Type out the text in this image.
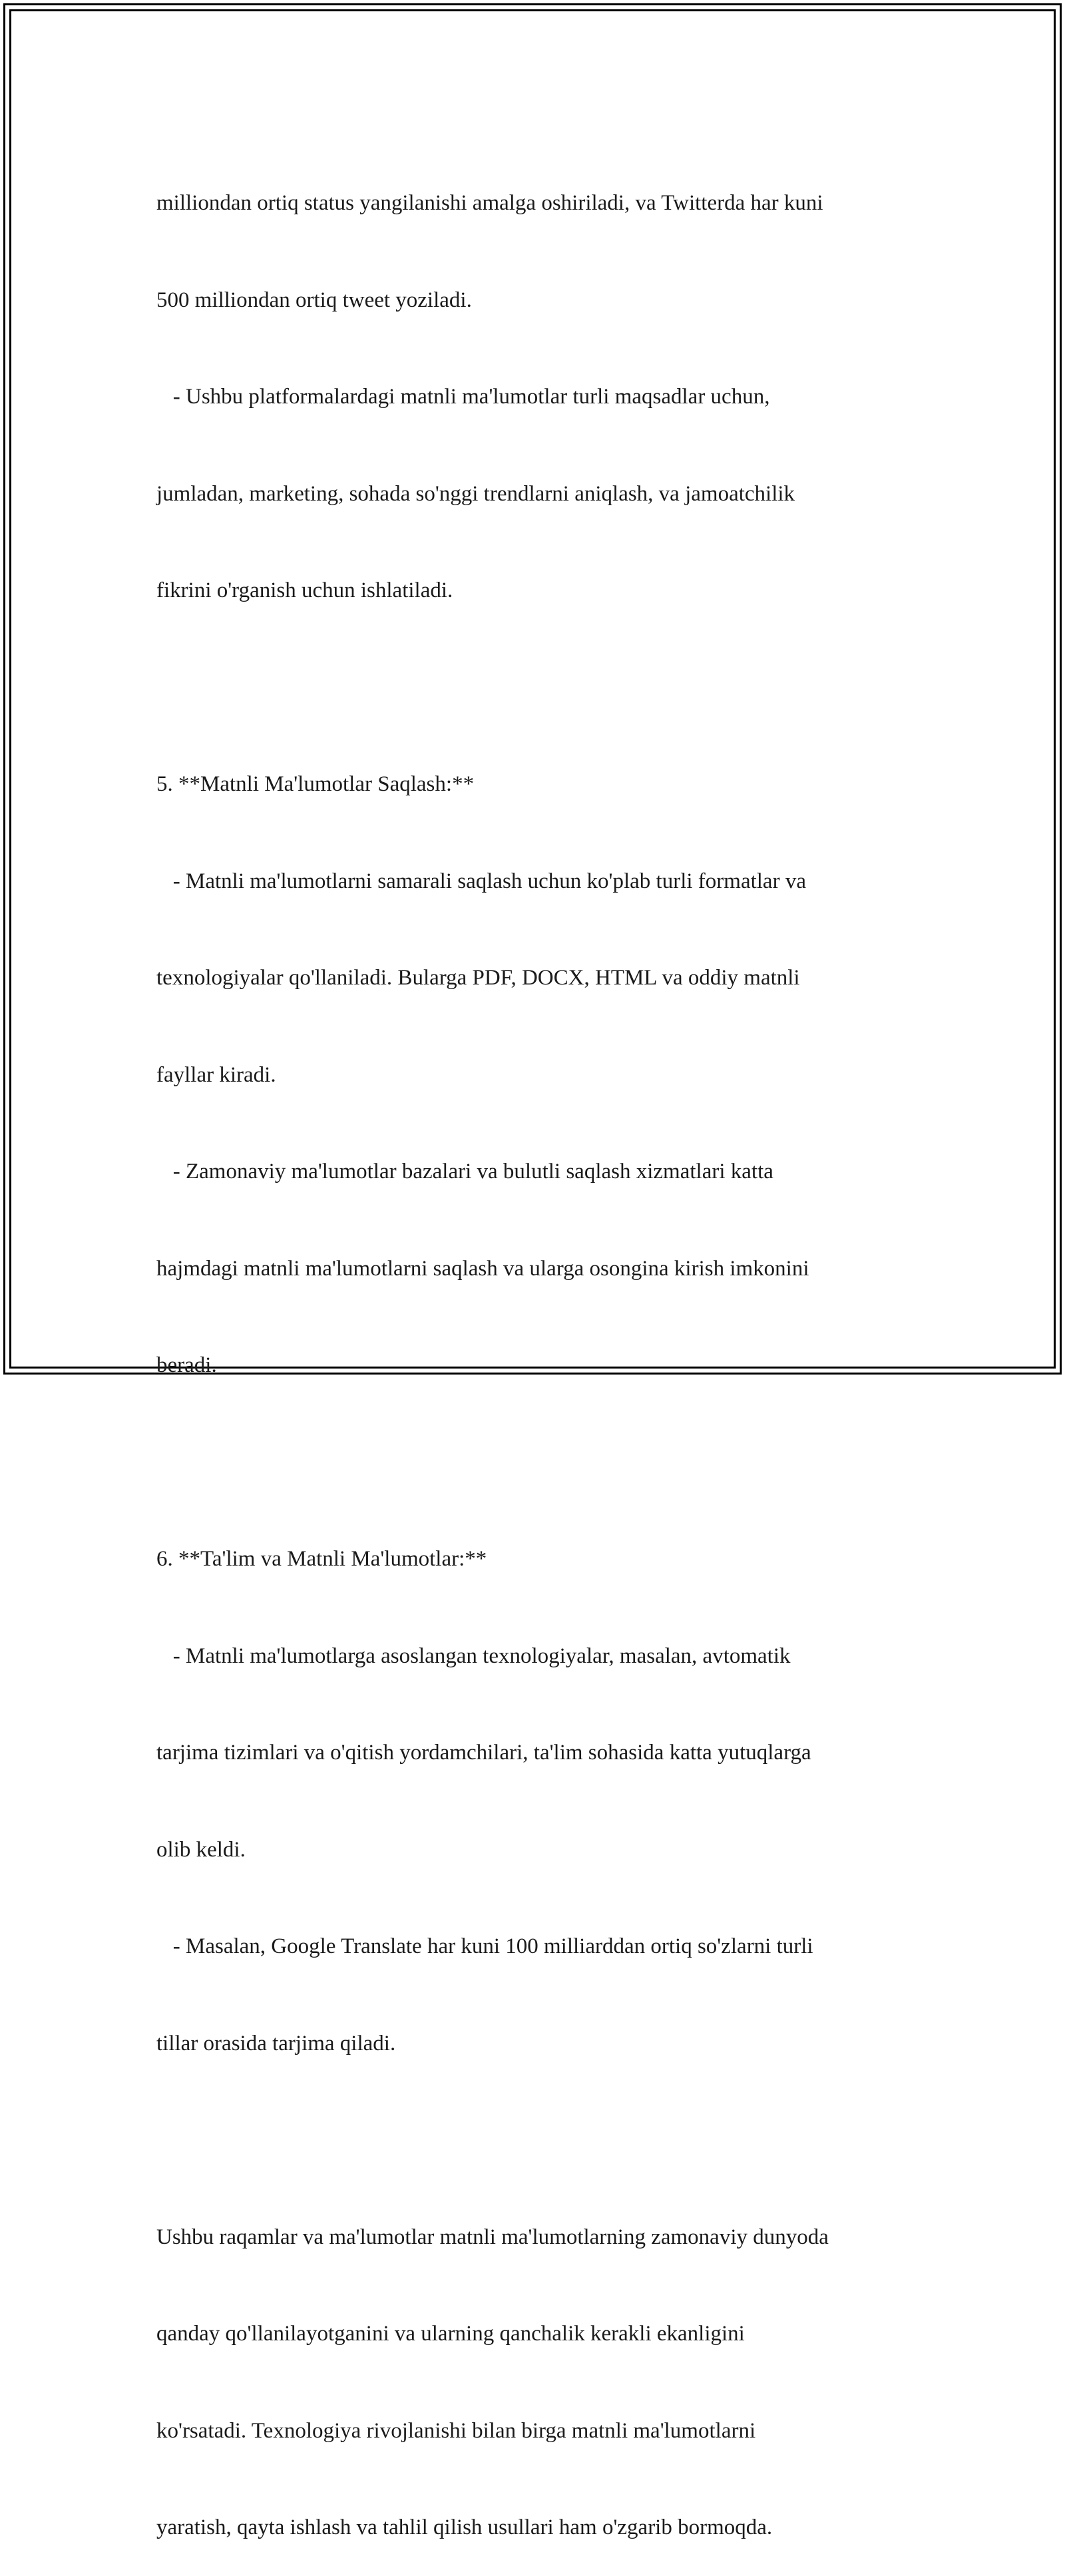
milliondan ortiq status yangilanishi amalga oshiriladi, va Twitterda har kuni

500 milliondan ortiq tweet yoziladi.

- Ushbu platformalardagi matnli ma'lumotlar turli maqsadlar uchun,

jumladan, marketing, sohada so'nggi trendlarni aniqlash, va jamoatchilik

fikrini o'rganish uchun ishlatiladi.

5. **Matnli Ma'lumotlar Saqlash:**

- Matnli ma'lumotlarni samarali saqlash uchun ko'plab turli formatlar va

texnologiyalar qo'llaniladi. Bularga PDF, DOCX, HTML va oddiy matnli

fayllar kiradi.

- Zamonaviy ma'lumotlar bazalari va bulutli saqlash xizmatlari katta

hajmdagi matnli ma'lumotlarni saqlash va ularga osongina kirish imkonini

beradi.

6. **Ta'lim va Matnli Ma'lumotlar:**

- Matnli ma'lumotlarga asoslangan texnologiyalar, masalan, avtomatik

tarjima tizimlari va o'qitish yordamchilari, ta'lim sohasida katta yutuqlarga

olib keldi.

- Masalan, Google Translate har kuni 100 milliarddan ortiq so'zlarni turli

tillar orasida tarjima qiladi.

Ushbu raqamlar va ma'lumotlar matnli ma'lumotlarning zamonaviy dunyoda

qanday qo'llanilayotganini va ularning qanchalik kerakli ekanligini

ko'rsatadi. Texnologiya rivojlanishi bilan birga matnli ma'lumotlarni

yaratish, qayta ishlash va tahlil qilish usullari ham o'zgarib bormoqda.
